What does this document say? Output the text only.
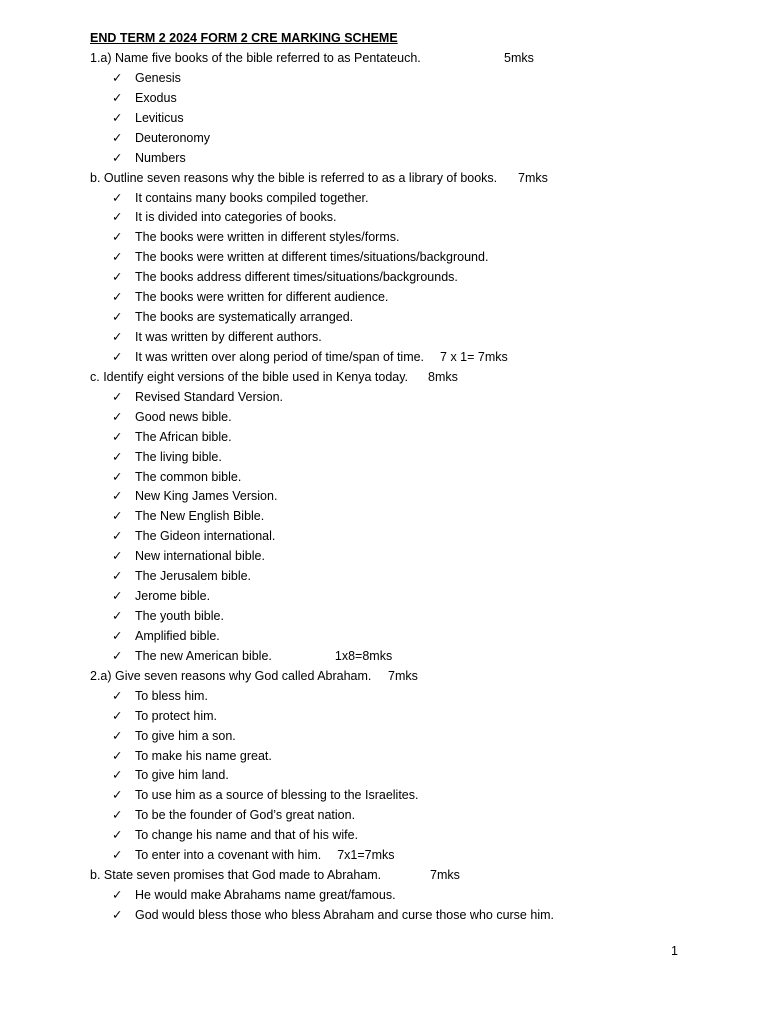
END TERM 2 2024 FORM 2 CRE MARKING SCHEME
1.a) Name five books of the bible referred to as Pentateuch.	5mks
✓ Genesis
✓ Exodus
✓ Leviticus
✓ Deuteronomy
✓ Numbers
b. Outline seven reasons why the bible is referred to as a library of books. 7mks
✓ It contains many books compiled together.
✓ It is divided into categories of books.
✓ The books were written in different styles/forms.
✓ The books were written at different times/situations/background.
✓ The books address different times/situations/backgrounds.
✓ The books were written for different audience.
✓ The books are systematically arranged.
✓ It was written by different authors.
✓ It was written over along period of time/span of time. 7 x 1= 7mks
c. Identify eight versions of the bible used in Kenya today. 8mks
✓ Revised Standard Version.
✓ Good news bible.
✓ The African bible.
✓ The living bible.
✓ The common bible.
✓ New King James Version.
✓ The New English Bible.
✓ The Gideon international.
✓ New international bible.
✓ The Jerusalem bible.
✓ Jerome bible.
✓ The youth bible.
✓ Amplified bible.
✓ The new American bible.	1x8=8mks
2.a) Give seven reasons why God called Abraham. 7mks
✓ To bless him.
✓ To protect him.
✓ To give him a son.
✓ To make his name great.
✓ To give him land.
✓ To use him as a source of blessing to the Israelites.
✓ To be the founder of God’s great nation.
✓ To change his name and that of his wife.
✓ To enter into a covenant with him. 7x1=7mks
b. State seven promises that God made to Abraham.	7mks
✓ He would make Abrahams name great/famous.
✓ God would bless those who bless Abraham and curse those who curse him.
1
